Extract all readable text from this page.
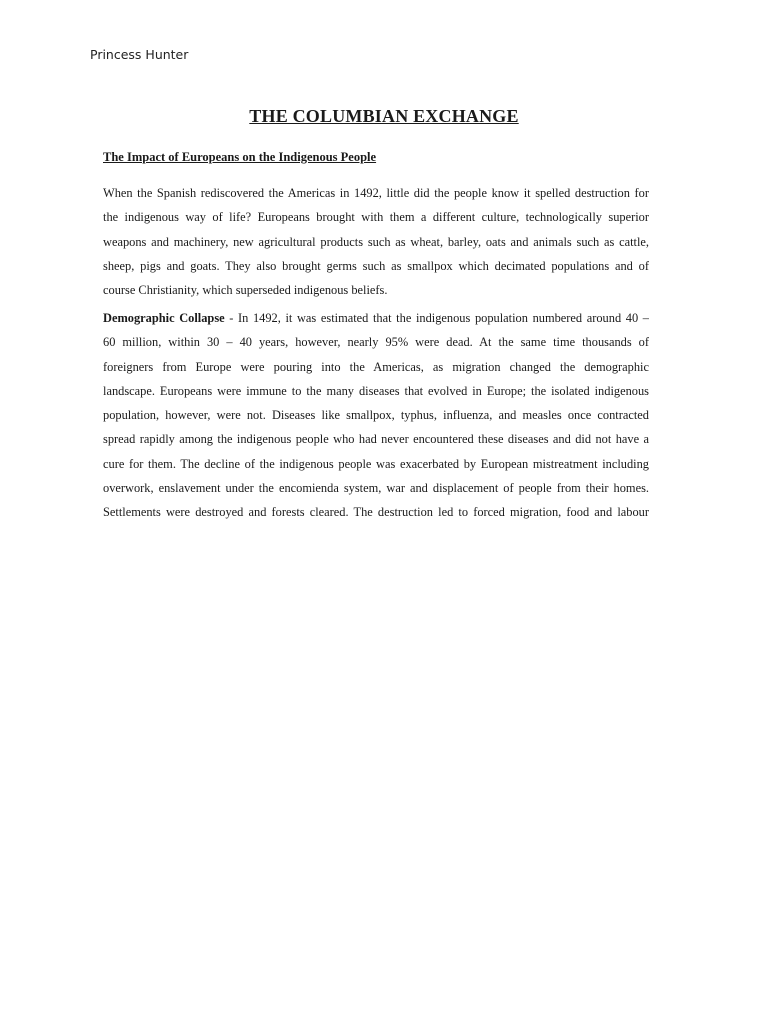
Princess Hunter
THE COLUMBIAN EXCHANGE
The Impact of Europeans on the Indigenous People
When the Spanish rediscovered the Americas in 1492, little did the people know it spelled destruction for
the indigenous way of life? Europeans brought with them a different culture, technologically superior
weapons and machinery, new agricultural products such as wheat, barley, oats and animals such as cattle,
sheep, pigs and goats. They also brought germs such as smallpox which decimated populations and of
course Christianity, which superseded indigenous beliefs.
Demographic Collapse - In 1492, it was estimated that the indigenous population numbered around 40 –
60 million, within 30 – 40 years, however, nearly 95% were dead. At the same time thousands of
foreigners from Europe were pouring into the Americas, as migration changed the demographic
landscape. Europeans were immune to the many diseases that evolved in Europe; the isolated indigenous
population, however, were not. Diseases like smallpox, typhus, influenza, and measles once contracted
spread rapidly among the indigenous people who had never encountered these diseases and did not have a
cure for them. The decline of the indigenous people was exacerbated by European mistreatment including
overwork, enslavement under the encomienda system, war and displacement of people from their homes.
Settlements were destroyed and forests cleared. The destruction led to forced migration, food and labour
